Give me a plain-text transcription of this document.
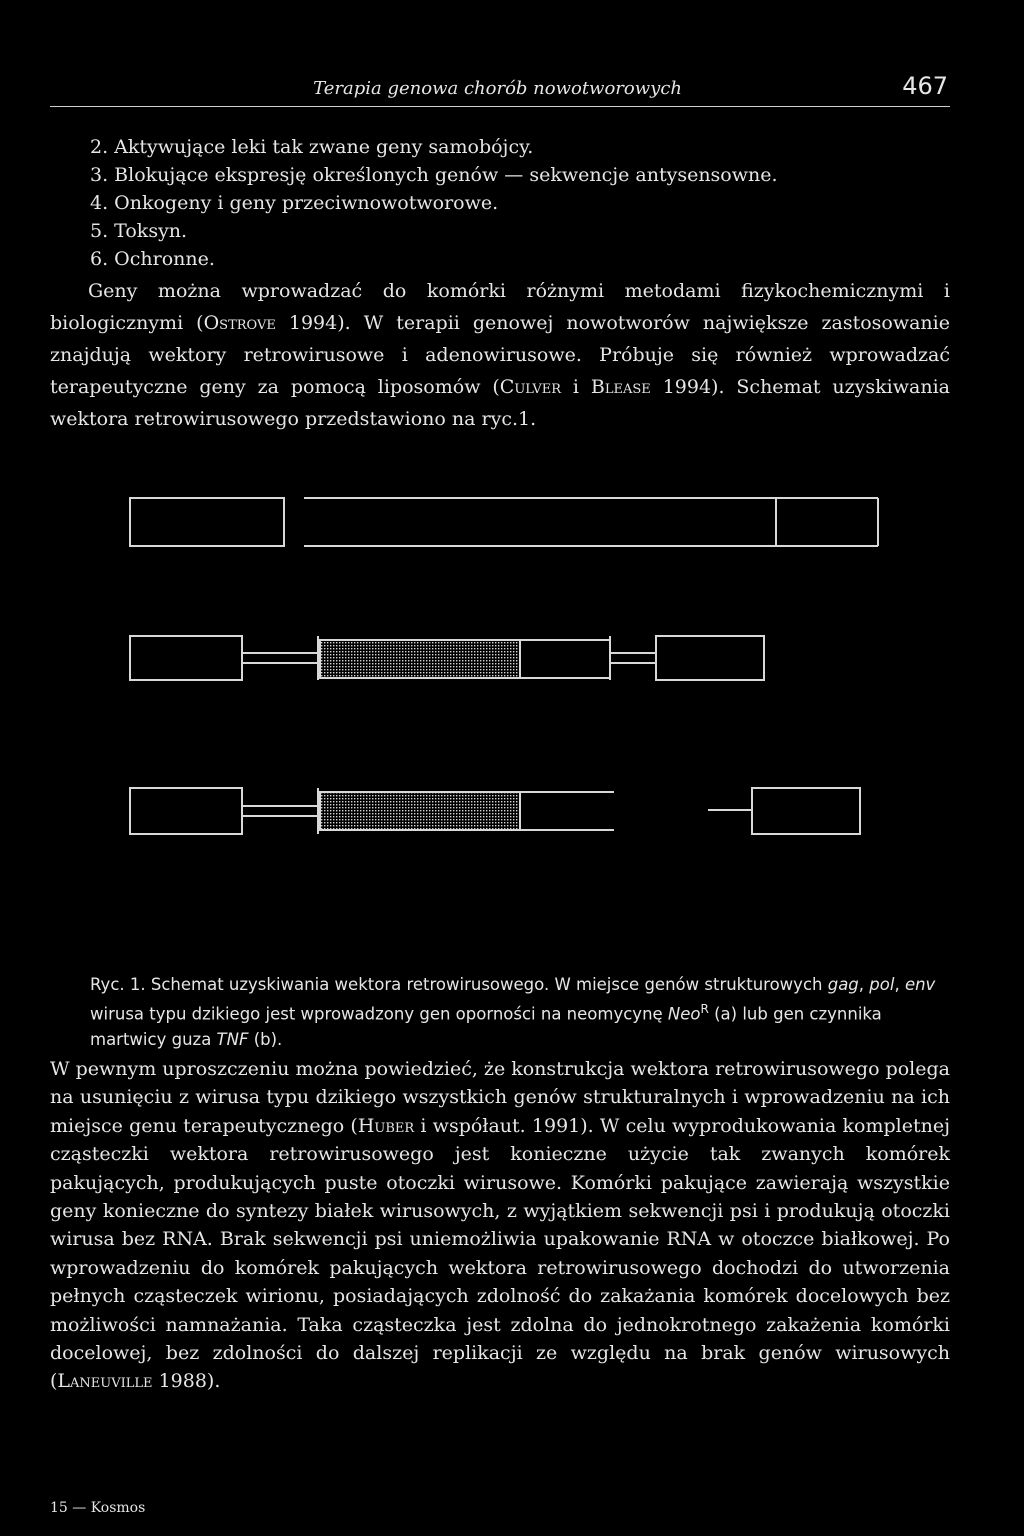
Terapia genowa chorób nowotworowych	467
2. Aktywujące leki tak zwane geny samobójcy.
3. Blokujące ekspresję określonych genów — sekwencje antysensowne.
4. Onkogeny i geny przeciwnowotworowe.
5. Toksyn.
6. Ochronne.

Geny można wprowadzać do komórki różnymi metodami fizykochemicznymi i biologicznymi (Ostrove 1994). W terapii genowej nowotworów największe zastosowanie znajdują wektory retrowirusowe i adenowirusowe. Próbuje się również wprowadzać terapeutyczne geny za pomocą liposomów (Culver i Blease 1994). Schemat uzyskiwania wektora retrowirusowego przedstawiono na ryc.1.

Ryc. 1. Schemat uzyskiwania wektora retrowirusowego. W miejsce genów strukturowych gag, pol, env wirusa typu dzikiego jest wprowadzony gen oporności na neomycynę Neo$^R$ (a) lub gen czynnika martwicy guza TNF (b).

W pewnym uproszczeniu można powiedzieć, że konstrukcja wektora retrowirusowego polega na usunięciu z wirusa typu dzikiego wszystkich genów strukturalnych i wprowadzeniu na ich miejsce genu terapeutycznego (Huber i współaut. 1991). W celu wyprodukowania kompletnej cząsteczki wektora retrowirusowego jest konieczne użycie tak zwanych komórek pakujących, produkujących puste otoczki wirusowe. Komórki pakujące zawierają wszystkie geny konieczne do syntezy białek wirusowych, z wyjątkiem sekwencji psi i produkują otoczki wirusa bez RNA. Brak sekwencji psi uniemożliwia upakowanie RNA w otoczce białkowej. Po wprowadzeniu do komórek pakujących wektora retrowirusowego dochodzi do utworzenia pełnych cząsteczek wirionu, posiadających zdolność do zakażania komórek docelowych bez możliwości namnażania. Taka cząsteczka jest zdolna do jednokrotnego zakażenia komórki docelowej, bez zdolności do dalszej replikacji ze względu na brak genów wirusowych (Laneuville 1988).

15 — Kosmos
